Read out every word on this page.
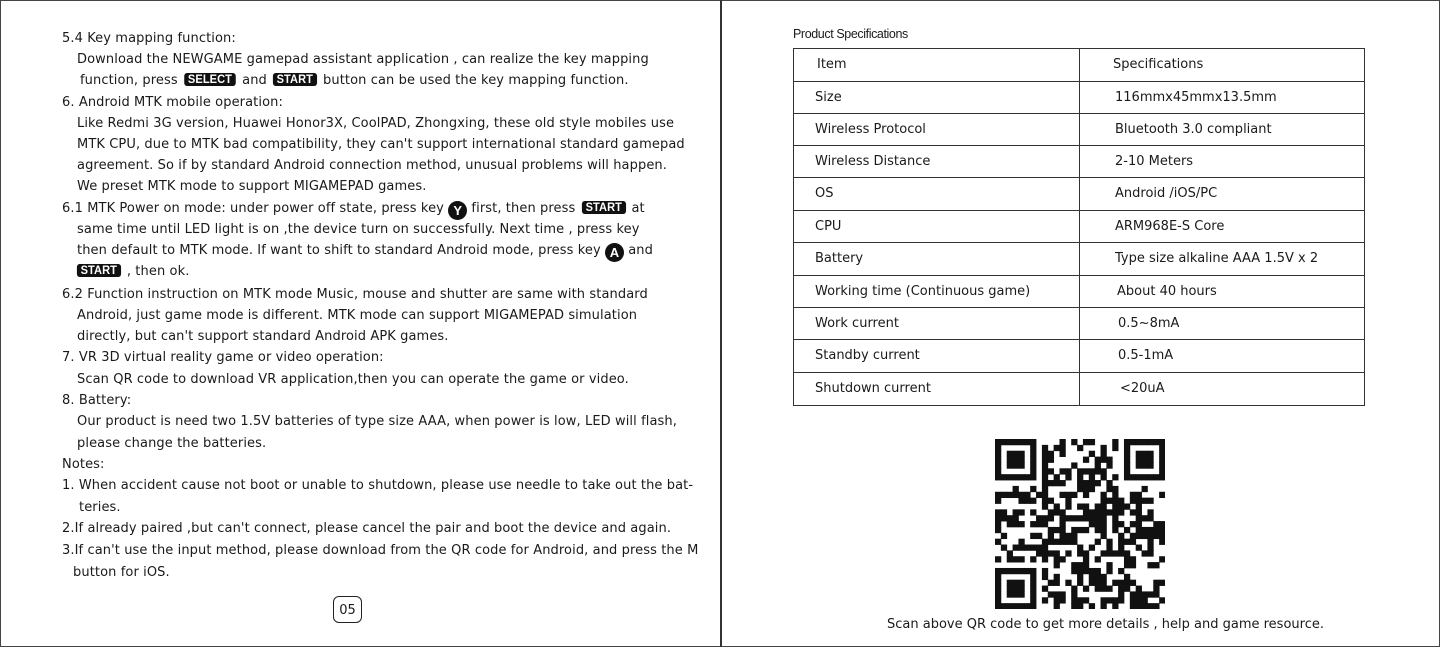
05
5.4 Key mapping function:
Download the NEWGAME gamepad assistant application , can realize the key mapping
function, press SELECT and START button can be used the key mapping function.
6. Android MTK mobile operation:
Like Redmi 3G version, Huawei Honor3X, CoolPAD, Zhongxing, these old style mobiles use
MTK CPU, due to MTK bad compatibility, they can't support international standard gamepad
agreement. So if by standard Android connection method, unusual problems will happen.
We preset MTK mode to support MIGAMEPAD games.
6.1 MTK Power on mode: under power off state, press key Y first, then press START at
same time until LED light is on ,the device turn on successfully. Next time , press key
then default to MTK mode. If want to shift to standard Android mode, press key A and
START , then ok.
6.2 Function instruction on MTK mode Music, mouse and shutter are same with standard
Android, just game mode is different. MTK mode can support MIGAMEPAD simulation
directly, but can't support standard Android APK games.
7. VR 3D virtual reality game or video operation:
Scan QR code to download VR application,then you can operate the game or video.
8. Battery:
Our product is need two 1.5V batteries of type size AAA, when power is low, LED will flash,
please change the batteries.
Notes:
1. When accident cause not boot or unable to shutdown, please use needle to take out the bat-
teries.
2.If already paired ,but can't connect, please cancel the pair and boot the device and again.
3.If can't use the input method, please download from the QR code for Android, and press the M
button for iOS.
Product Specifications
Item	Specifications
Size	116mmx45mmx13.5mm
Wireless Protocol	Bluetooth 3.0 compliant
Wireless Distance	2-10 Meters
OS	Android /iOS/PC
CPU	ARM968E-S Core
Battery	Type size alkaline AAA 1.5V x 2
Working time (Continuous game)	About 40 hours
Work current	0.5~8mA
Standby current	0.5-1mA
Shutdown current	<20uA
Scan above QR code to get more details , help and game resource.
